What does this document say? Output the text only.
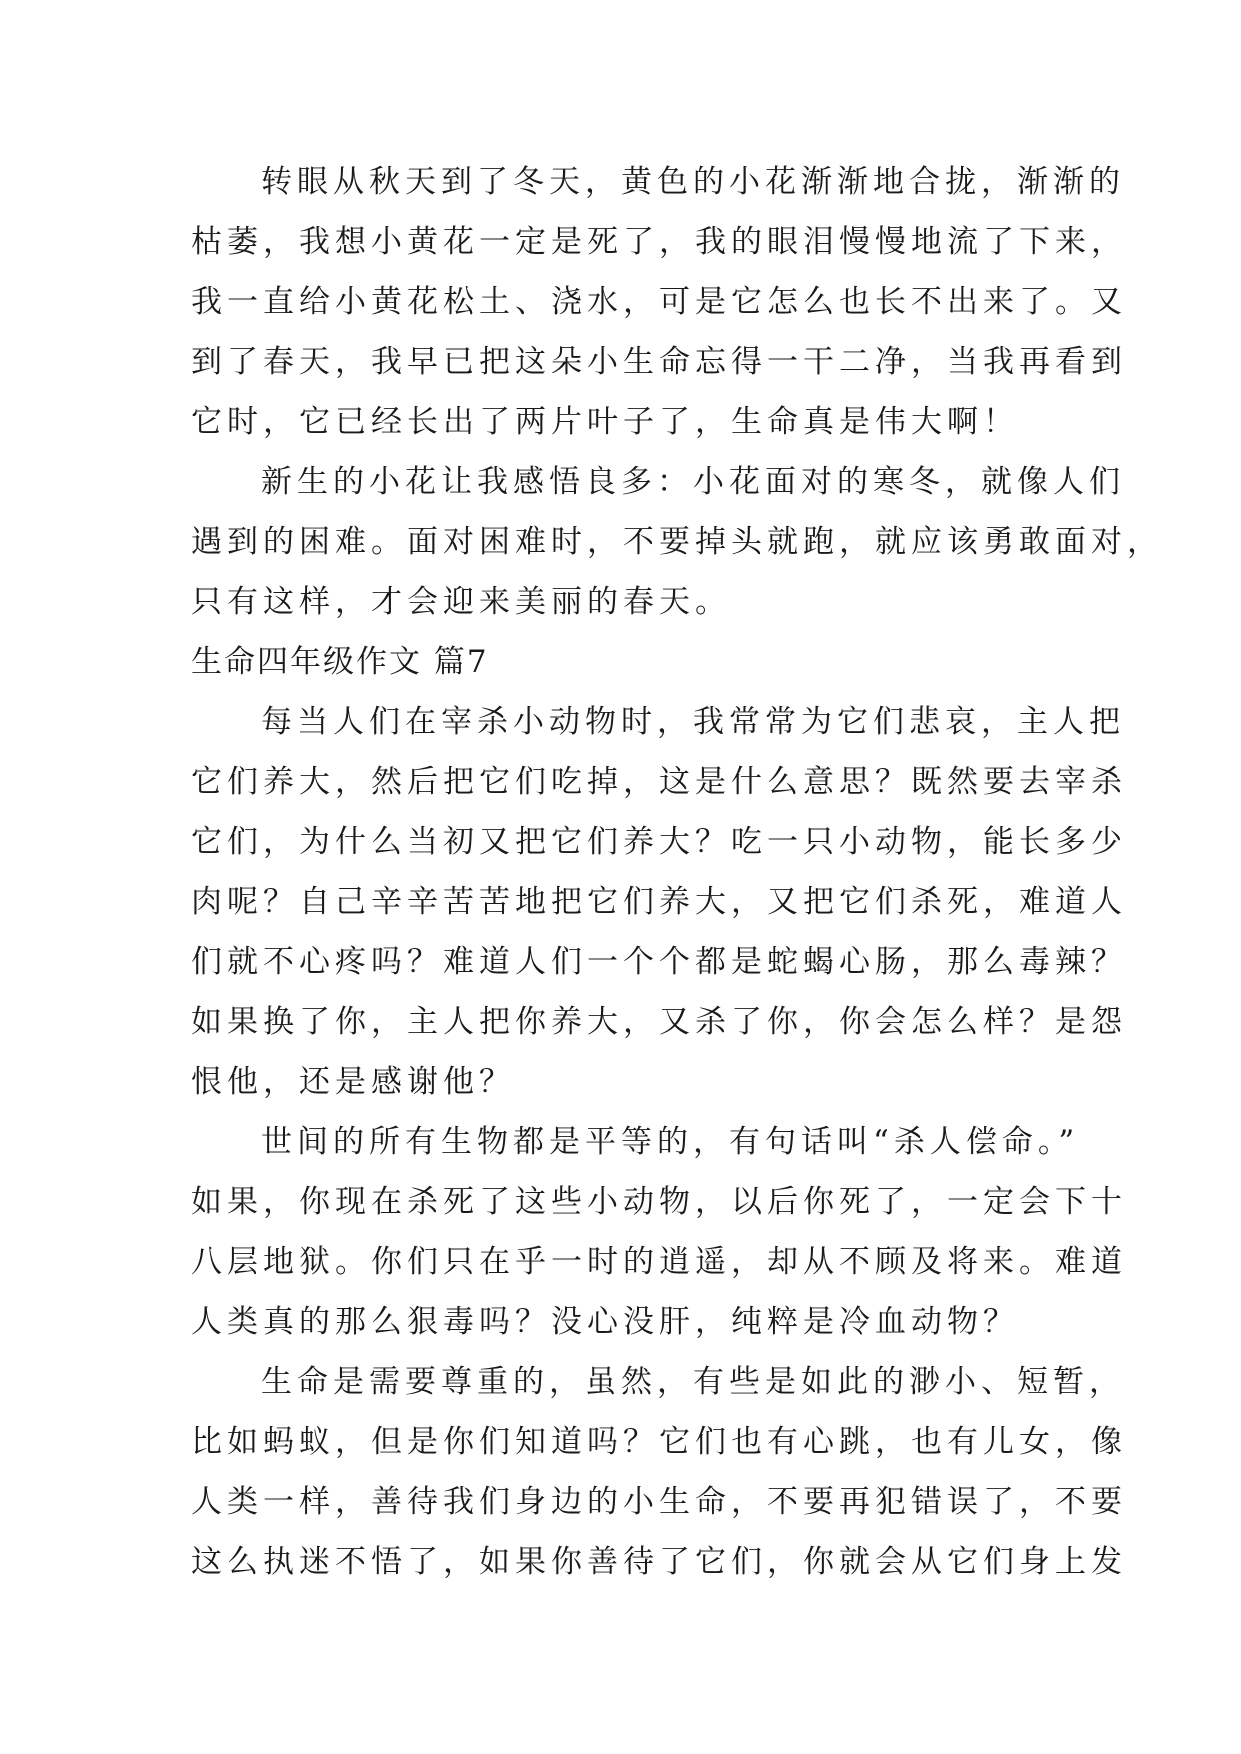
转眼从秋天到了冬天，黄色的小花渐渐地合拢，渐渐的
枯萎，我想小黄花一定是死了，我的眼泪慢慢地流了下来，
我一直给小黄花松土、浇水，可是它怎么也长不出来了。又
到了春天，我早已把这朵小生命忘得一干二净，当我再看到
它时，它已经长出了两片叶子了，生命真是伟大啊！
新生的小花让我感悟良多：小花面对的寒冬，就像人们
遇到的困难。面对困难时，不要掉头就跑，就应该勇敢面对，
只有这样，才会迎来美丽的春天。
生命四年级作文 篇7
每当人们在宰杀小动物时，我常常为它们悲哀，主人把
它们养大，然后把它们吃掉，这是什么意思？既然要去宰杀
它们，为什么当初又把它们养大？吃一只小动物，能长多少
肉呢？自己辛辛苦苦地把它们养大，又把它们杀死，难道人
们就不心疼吗？难道人们一个个都是蛇蝎心肠，那么毒辣？
如果换了你，主人把你养大，又杀了你，你会怎么样？是怨
恨他，还是感谢他？
世间的所有生物都是平等的，有句话叫“杀人偿命。”
如果，你现在杀死了这些小动物，以后你死了，一定会下十
八层地狱。你们只在乎一时的逍遥，却从不顾及将来。难道
人类真的那么狠毒吗？没心没肝，纯粹是冷血动物？
生命是需要尊重的，虽然，有些是如此的渺小、短暂，
比如蚂蚁，但是你们知道吗？它们也有心跳，也有儿女，像
人类一样，善待我们身边的小生命，不要再犯错误了，不要
这么执迷不悟了，如果你善待了它们，你就会从它们身上发
